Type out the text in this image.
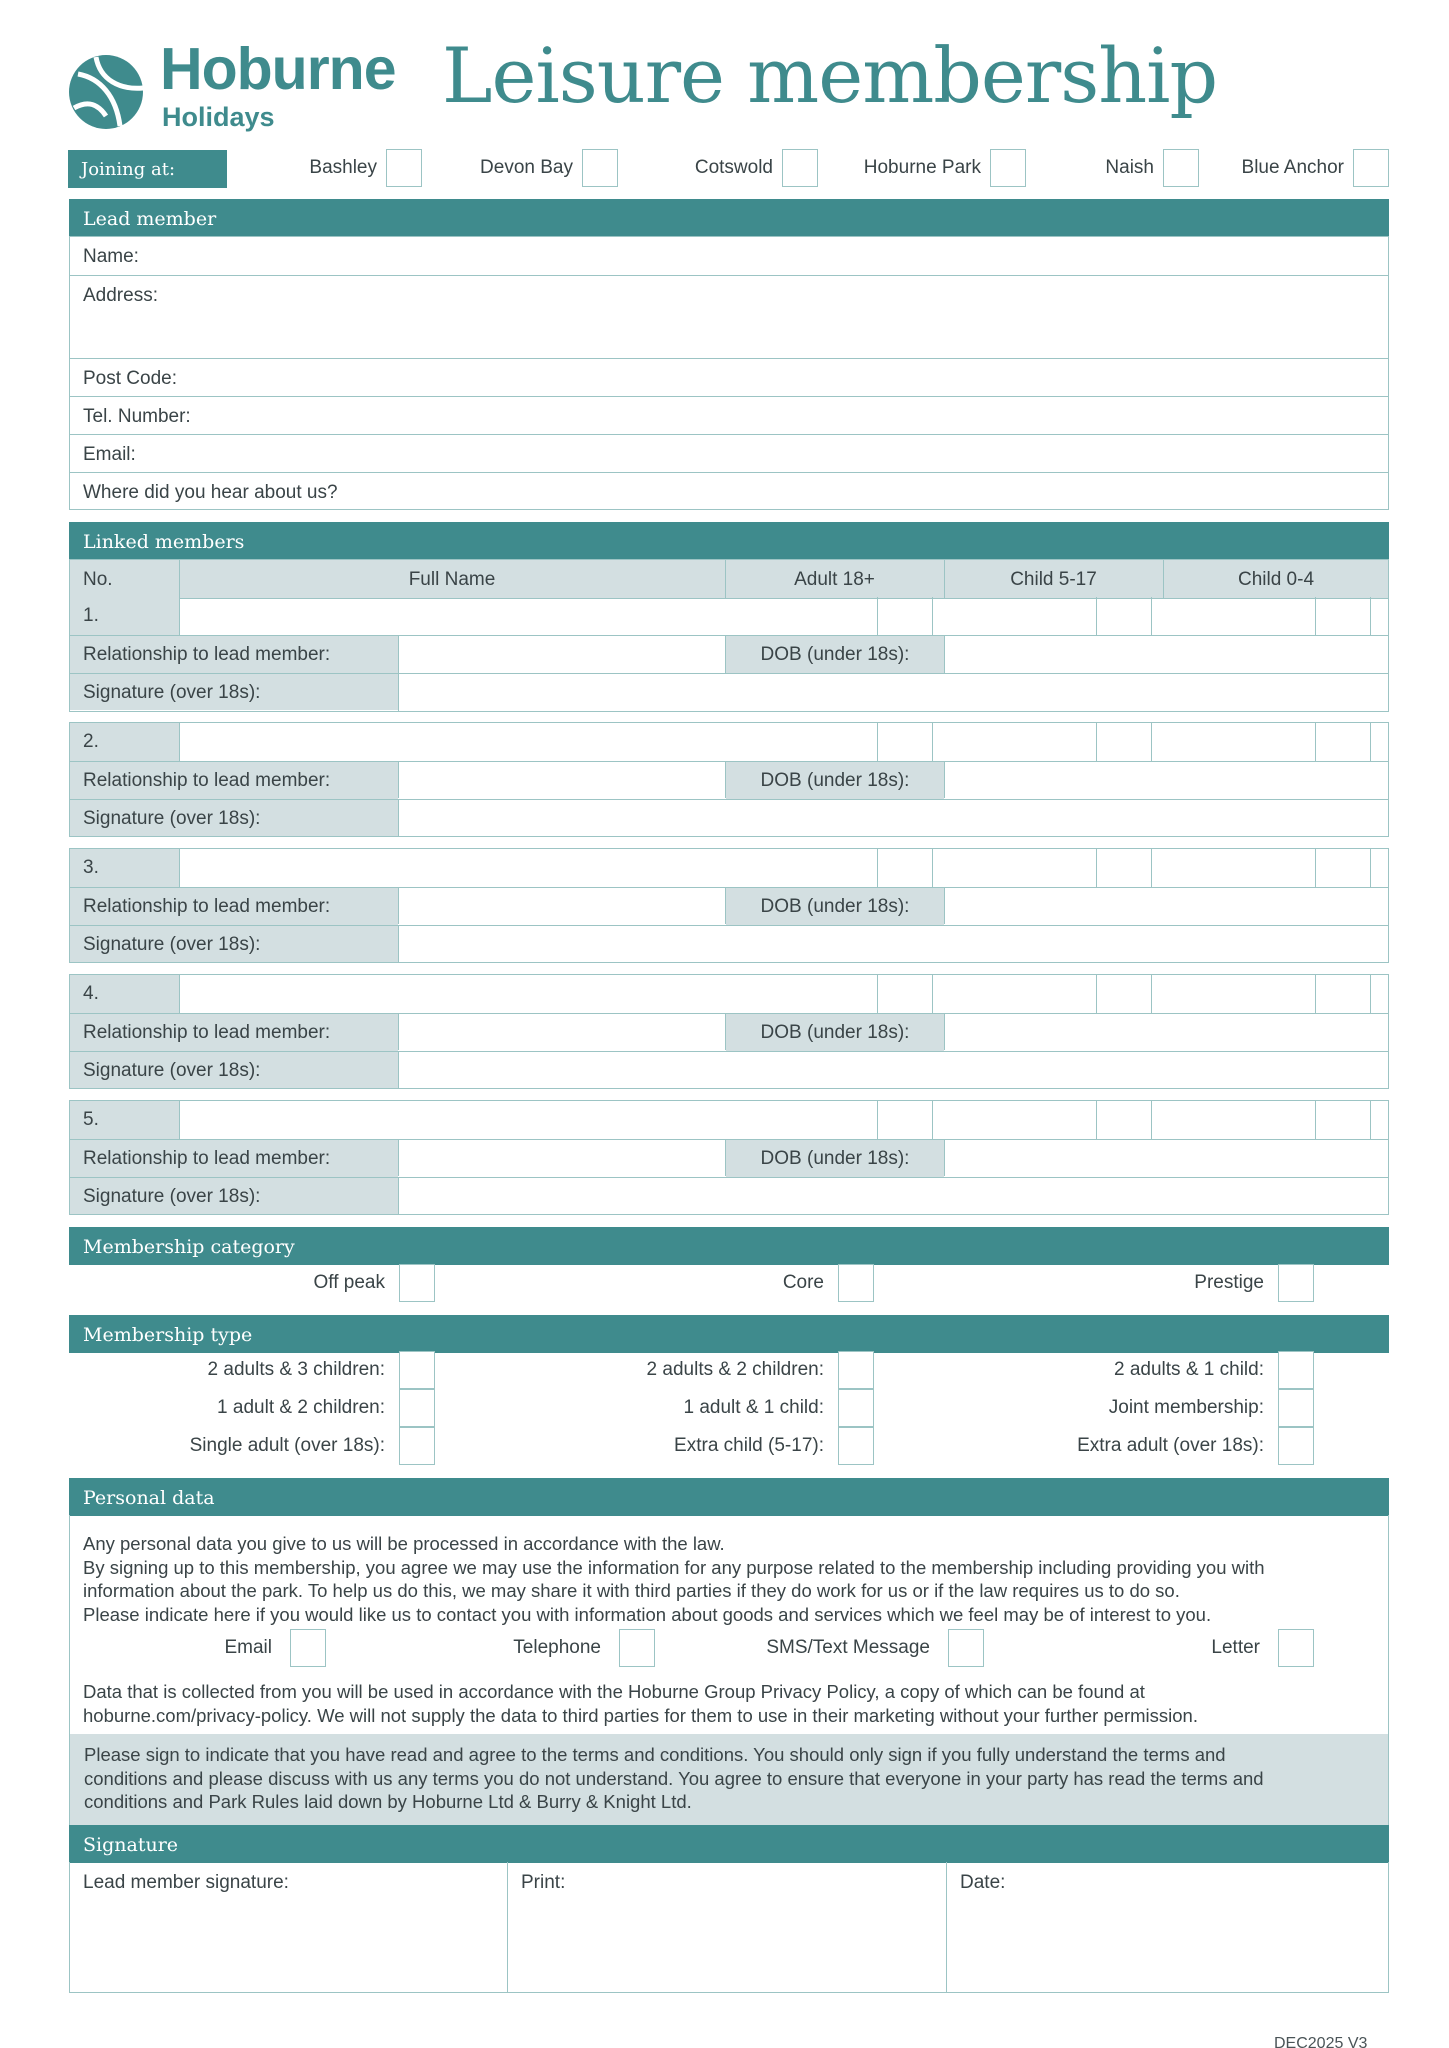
Hoburne
Holidays Leisure membership
Joining at:	Bashley	Devon Bay	Cotswold	Hoburne Park	Naish	Blue Anchor
Lead member
Name:
Address:
Post Code:
Tel. Number:
Email:
Where did you hear about us?
Linked members
No.	Full Name	Adult 18+	Child 5-17	Child 0-4
1.
Relationship to lead member:	DOB (under 18s):
Signature (over 18s):
2.
Relationship to lead member:	DOB (under 18s):
Signature (over 18s):
3.
Relationship to lead member:	DOB (under 18s):
Signature (over 18s):
4.
Relationship to lead member:	DOB (under 18s):
Signature (over 18s):
5.
Relationship to lead member:	DOB (under 18s):
Signature (over 18s):
Membership category
Off peak	Core	Prestige
Membership type
2 adults & 3 children:	2 adults & 2 children:	2 adults & 1 child:
1 adult & 2 children:	1 adult & 1 child:	Joint membership:
Single adult (over 18s):	Extra child (5-17):	Extra adult (over 18s):
Personal data
Any personal data you give to us will be processed in accordance with the law.
By signing up to this membership, you agree we may use the information for any purpose related to the membership including providing you with
information about the park. To help us do this, we may share it with third parties if they do work for us or if the law requires us to do so.
Please indicate here if you would like us to contact you with information about goods and services which we feel may be of interest to you.
Email	Telephone	SMS/Text Message	Letter
Data that is collected from you will be used in accordance with the Hoburne Group Privacy Policy, a copy of which can be found at
hoburne.com/privacy-policy. We will not supply the data to third parties for them to use in their marketing without your further permission.
Please sign to indicate that you have read and agree to the terms and conditions. You should only sign if you fully understand the terms and
conditions and please discuss with us any terms you do not understand. You agree to ensure that everyone in your party has read the terms and
conditions and Park Rules laid down by Hoburne Ltd & Burry & Knight Ltd.
Signature
Lead member signature:	Print:	Date:
DEC2025 V3
